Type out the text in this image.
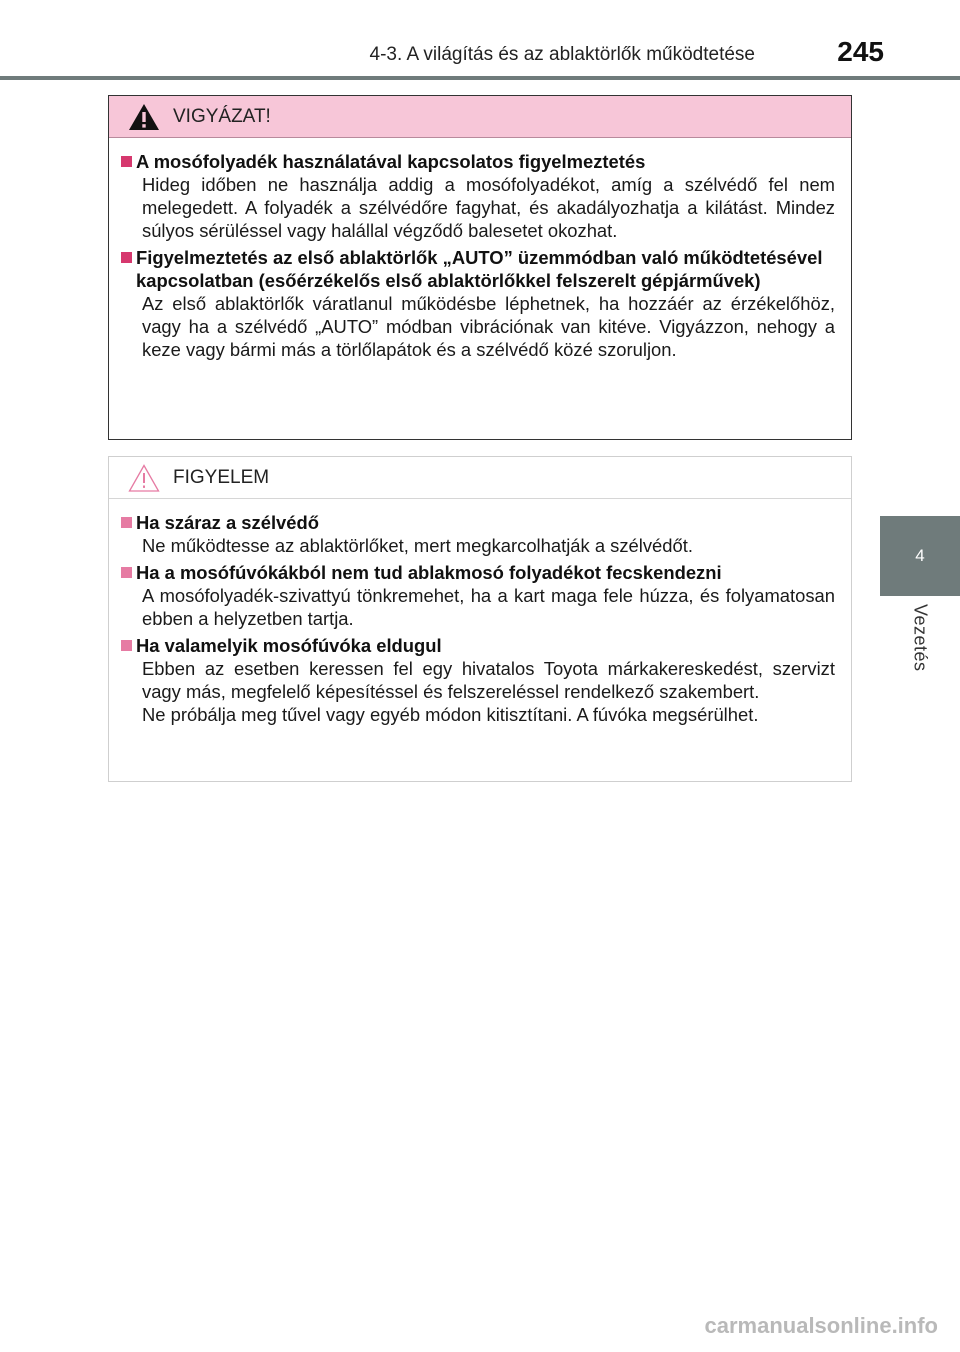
4-3. A világítás és az ablaktörlők működtetése	245
4
Vezetés
VIGYÁZAT!
A mosófolyadék használatával kapcsolatos figyelmeztetés
Hideg időben ne használja addig a mosófolyadékot, amíg a szélvédő fel nem melegedett. A folyadék a szélvédőre fagyhat, és akadályozhatja a kilátást. Mindez súlyos sérüléssel vagy halállal végződő balesetet okozhat.
Figyelmeztetés az első ablaktörlők „AUTO” üzemmódban való működtetésével kapcsolatban (esőérzékelős első ablaktörlőkkel felszerelt gépjárművek)
Az első ablaktörlők váratlanul működésbe léphetnek, ha hozzáér az érzékelőhöz, vagy ha a szélvédő „AUTO” módban vibrációnak van kitéve. Vigyázzon, nehogy a keze vagy bármi más a törlőlapátok és a szélvédő közé szoruljon.
FIGYELEM
Ha száraz a szélvédő
Ne működtesse az ablaktörlőket, mert megkarcolhatják a szélvédőt.
Ha a mosófúvókákból nem tud ablakmosó folyadékot fecskendezni
A mosófolyadék-szivattyú tönkremehet, ha a kart maga fele húzza, és folyamatosan ebben a helyzetben tartja.
Ha valamelyik mosófúvóka eldugul
Ebben az esetben keressen fel egy hivatalos Toyota márkakereskedést, szervizt vagy más, megfelelő képesítéssel és felszereléssel rendelkező szakembert.
Ne próbálja meg tűvel vagy egyéb módon kitisztítani. A fúvóka megsérülhet.
carmanualsonline.info
